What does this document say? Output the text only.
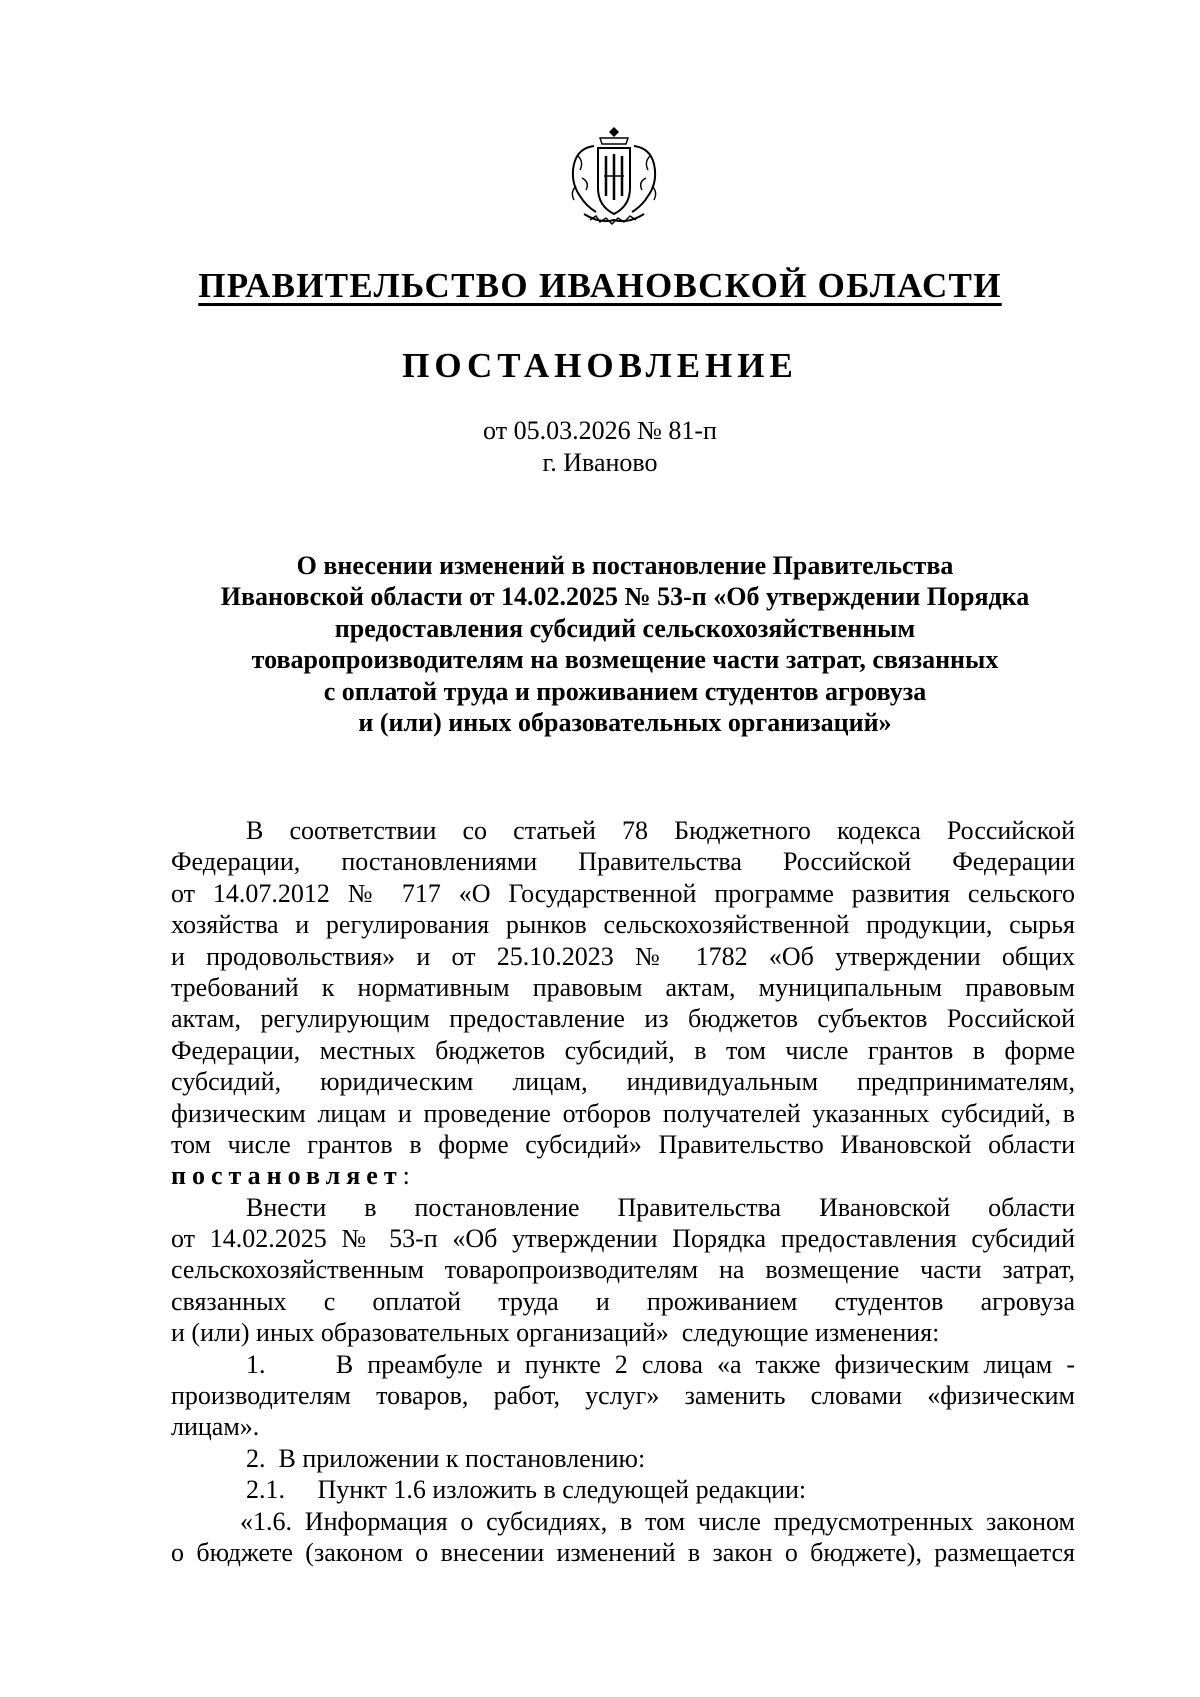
ПРАВИТЕЛЬСТВО ИВАНОВСКОЙ ОБЛАСТИ
ПОСТАНОВЛЕНИЕ
от 05.03.2026 № 81-п
г. Иваново
О внесении изменений в постановление Правительства
Ивановской области от 14.02.2025 № 53-п «Об утверждении Порядка
предоставления субсидий сельскохозяйственным
товаропроизводителям на возмещение части затрат, связанных
с оплатой труда и проживанием студентов агровуза
и (или) иных образовательных организаций»
В соответствии со статьей 78 Бюджетного кодекса Российской
Федерации, постановлениями Правительства Российской Федерации
от 14.07.2012 № 717 «О Государственной программе развития сельского
хозяйства и регулирования рынков сельскохозяйственной продукции, сырья
и продовольствия» и от 25.10.2023 № 1782 «Об утверждении общих
требований к нормативным правовым актам, муниципальным правовым
актам, регулирующим предоставление из бюджетов субъектов Российской
Федерации, местных бюджетов субсидий, в том числе грантов в форме
субсидий, юридическим лицам, индивидуальным предпринимателям,
физическим лицам и проведение отборов получателей указанных субсидий, в
том числе грантов в форме субсидий» Правительство Ивановской области
постановляет:
Внести в постановление Правительства Ивановской области
от 14.02.2025 № 53-п «Об утверждении Порядка предоставления субсидий
сельскохозяйственным товаропроизводителям на возмещение части затрат,
связанных с оплатой труда и проживанием студентов агровуза
и (или) иных образовательных организаций»  следующие изменения:
1.     В преамбуле и пункте 2 слова «а также физическим лицам -
производителям товаров, работ, услуг» заменить словами «физическим
лицам».
2.  В приложении к постановлению:
2.1.     Пункт 1.6 изложить в следующей редакции:
«1.6. Информация о субсидиях, в том числе предусмотренных законом
о бюджете (законом о внесении изменений в закон о бюджете), размещается
